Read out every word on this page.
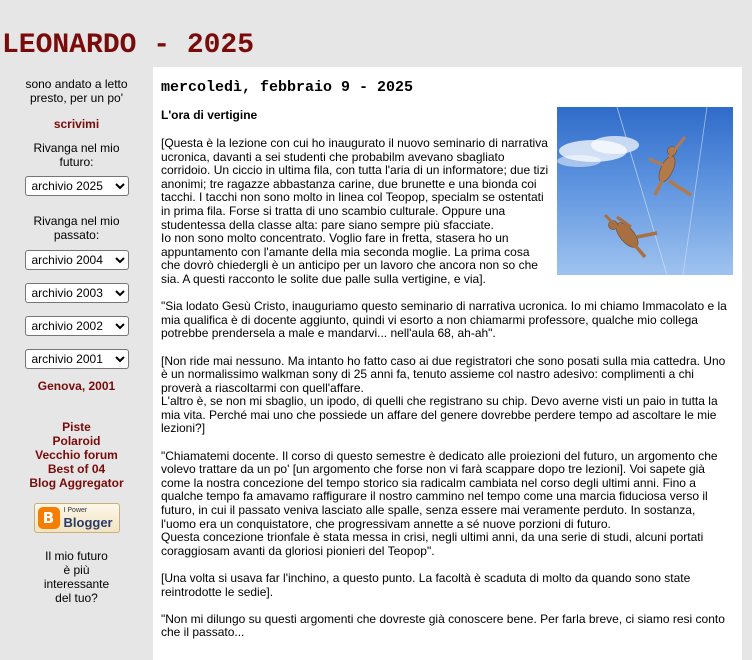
LEONARDO - 2025
sono andato a letto presto, per un po'
scrivimi
Rivanga nel mio futuro:
archivio 2025
Rivanga nel mio passato:
archivio 2004
archivio 2003
archivio 2002
archivio 2001
Genova, 2001
Piste
Polaroid
Vecchio forum
Best of 04
Blog Aggregator
B	I Power
Blogger
Il mio futuro è più interessante del tuo?
mercoledì, febbraio 9 - 2025
L'ora di vertigine

[Questa è la lezione con cui ho inaugurato il nuovo seminario di narrativa ucronica, davanti a sei studenti che probabilm avevano sbagliato corridoio. Un ciccio in ultima fila, con tutta l'aria di un informatore; due tizi anonimi; tre ragazze abbastanza carine, due brunette e una bionda coi tacchi. I tacchi non sono molto in linea col Teopop, specialm se ostentati in prima fila. Forse si tratta di uno scambio culturale. Oppure una studentessa della classe alta: pare siano sempre più sfacciate.
Io non sono molto concentrato. Voglio fare in fretta, stasera ho un appuntamento con l'amante della mia seconda moglie. La prima cosa che dovrò chiedergli è un anticipo per un lavoro che ancora non so che sia. A questi racconto le solite due palle sulla vertigine, e via].

"Sia lodato Gesù Cristo, inauguriamo questo seminario di narrativa ucronica. Io mi chiamo Immacolato e la mia qualifica è di docente aggiunto, quindi vi esorto a non chiamarmi professore, qualche mio collega potrebbe prendersela a male e mandarvi... nell'aula 68, ah-ah".

[Non ride mai nessuno. Ma intanto ho fatto caso ai due registratori che sono posati sulla mia cattedra. Uno è un normalissimo walkman sony di 25 anni fa, tenuto assieme col nastro adesivo: complimenti a chi proverà a riascoltarmi con quell'affare.
L'altro è, se non mi sbaglio, un ipodo, di quelli che registrano su chip. Devo averne visti un paio in tutta la mia vita. Perché mai uno che possiede un affare del genere dovrebbe perdere tempo ad ascoltare le mie lezioni?]

"Chiamatemi docente. Il corso di questo semestre è dedicato alle proiezioni del futuro, un argomento che volevo trattare da un po' [un argomento che forse non vi farà scappare dopo tre lezioni]. Voi sapete già come la nostra concezione del tempo storico sia radicalm cambiata nel corso degli ultimi anni. Fino a qualche tempo fa amavamo raffigurare il nostro cammino nel tempo come una marcia fiduciosa verso il futuro, in cui il passato veniva lasciato alle spalle, senza essere mai veramente perduto. In sostanza, l'uomo era un conquistatore, che progressivam annette a sé nuove porzioni di futuro.
Questa concezione trionfale è stata messa in crisi, negli ultimi anni, da una serie di studi, alcuni portati coraggiosam avanti da gloriosi pionieri del Teopop".

[Una volta si usava far l'inchino, a questo punto. La facoltà è scaduta di molto da quando sono state reintrodotte le sedie].

"Non mi dilungo su questi argomenti che dovreste già conoscere bene. Per farla breve, ci siamo resi conto che il passato...
